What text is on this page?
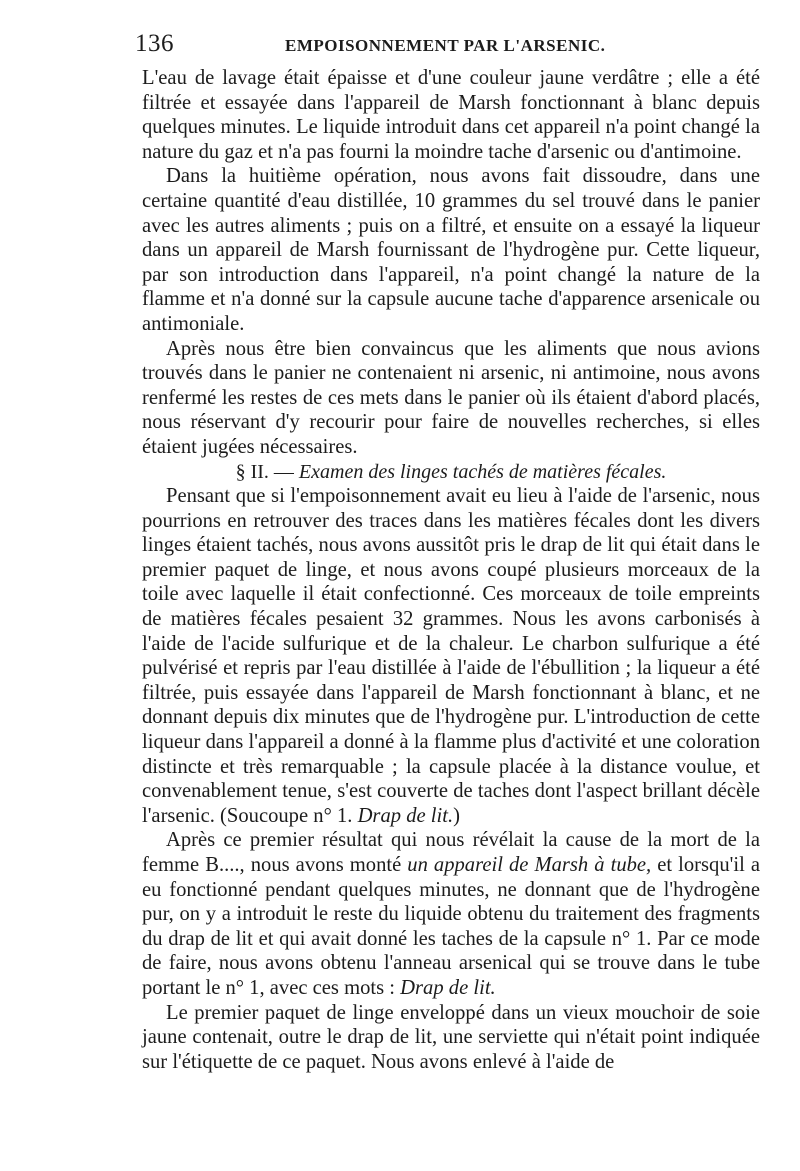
136	EMPOISONNEMENT PAR L'ARSENIC.

L'eau de lavage était épaisse et d'une couleur jaune verdâtre ; elle a été filtrée et essayée dans l'appareil de Marsh fonctionnant à blanc depuis quelques minutes. Le liquide introduit dans cet appareil n'a point changé la nature du gaz et n'a pas fourni la moindre tache d'arsenic ou d'antimoine.

Dans la huitième opération, nous avons fait dissoudre, dans une certaine quantité d'eau distillée, 10 grammes du sel trouvé dans le panier avec les autres aliments ; puis on a filtré, et ensuite on a essayé la liqueur dans un appareil de Marsh fournissant de l'hydrogène pur. Cette liqueur, par son introduction dans l'appareil, n'a point changé la nature de la flamme et n'a donné sur la capsule aucune tache d'apparence arsenicale ou antimoniale.

Après nous être bien convaincus que les aliments que nous avions trouvés dans le panier ne contenaient ni arsenic, ni antimoine, nous avons renfermé les restes de ces mets dans le panier où ils étaient d'abord placés, nous réservant d'y recourir pour faire de nouvelles recherches, si elles étaient jugées nécessaires.

§ II. — Examen des linges tachés de matières fécales.

Pensant que si l'empoisonnement avait eu lieu à l'aide de l'arsenic, nous pourrions en retrouver des traces dans les matières fécales dont les divers linges étaient tachés, nous avons aussitôt pris le drap de lit qui était dans le premier paquet de linge, et nous avons coupé plusieurs morceaux de la toile avec laquelle il était confectionné. Ces morceaux de toile empreints de matières fécales pesaient 32 grammes. Nous les avons carbonisés à l'aide de l'acide sulfurique et de la chaleur. Le charbon sulfurique a été pulvérisé et repris par l'eau distillée à l'aide de l'ébullition ; la liqueur a été filtrée, puis essayée dans l'appareil de Marsh fonctionnant à blanc, et ne donnant depuis dix minutes que de l'hydrogène pur. L'introduction de cette liqueur dans l'appareil a donné à la flamme plus d'activité et une coloration distincte et très remarquable ; la capsule placée à la distance voulue, et convenablement tenue, s'est couverte de taches dont l'aspect brillant décèle l'arsenic. (Soucoupe n° 1. Drap de lit.)

Après ce premier résultat qui nous révélait la cause de la mort de la femme B...., nous avons monté un appareil de Marsh à tube, et lorsqu'il a eu fonctionné pendant quelques minutes, ne donnant que de l'hydrogène pur, on y a introduit le reste du liquide obtenu du traitement des fragments du drap de lit et qui avait donné les taches de la capsule n° 1. Par ce mode de faire, nous avons obtenu l'anneau arsenical qui se trouve dans le tube portant le n° 1, avec ces mots : Drap de lit.

Le premier paquet de linge enveloppé dans un vieux mouchoir de soie jaune contenait, outre le drap de lit, une serviette qui n'était point indiquée sur l'étiquette de ce paquet. Nous avons enlevé à l'aide de
